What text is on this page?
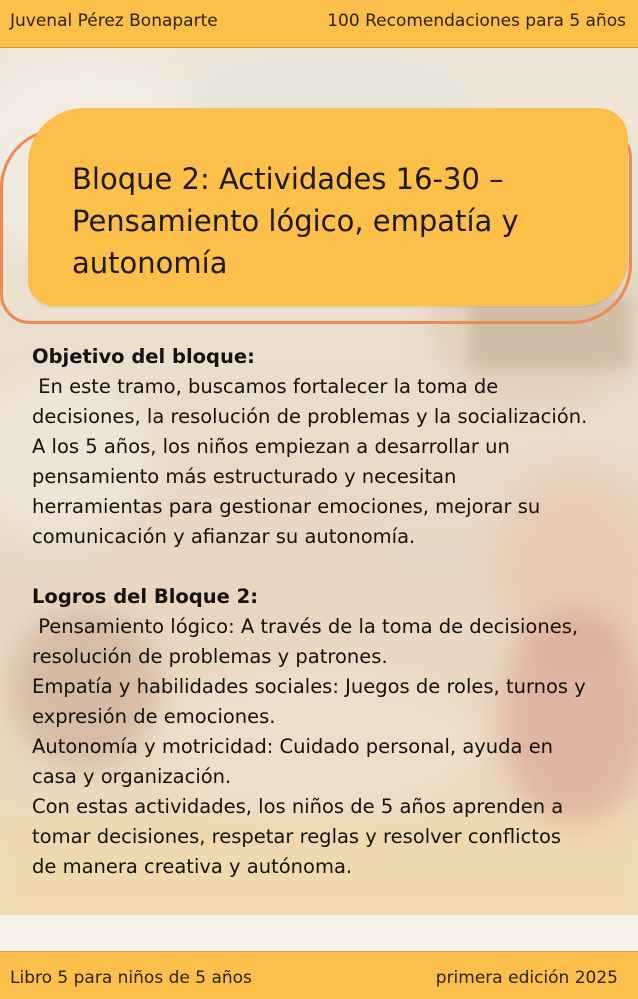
Juvenal Pérez Bonaparte	100 Recomendaciones para 5 años
Bloque 2: Actividades 16-30 – Pensamiento lógico, empatía y autonomía

Objetivo del bloque:

En este tramo, buscamos fortalecer la toma de

decisiones, la resolución de problemas y la socialización.

A los 5 años, los niños empiezan a desarrollar un

pensamiento más estructurado y necesitan

herramientas para gestionar emociones, mejorar su

comunicación y afianzar su autonomía.

Logros del Bloque 2:

Pensamiento lógico: A través de la toma de decisiones,

resolución de problemas y patrones.

Empatía y habilidades sociales: Juegos de roles, turnos y

expresión de emociones.

Autonomía y motricidad: Cuidado personal, ayuda en

casa y organización.

Con estas actividades, los niños de 5 años aprenden a

tomar decisiones, respetar reglas y resolver conflictos

de manera creativa y autónoma.

Libro 5 para niños de 5 años	primera edición 2025
